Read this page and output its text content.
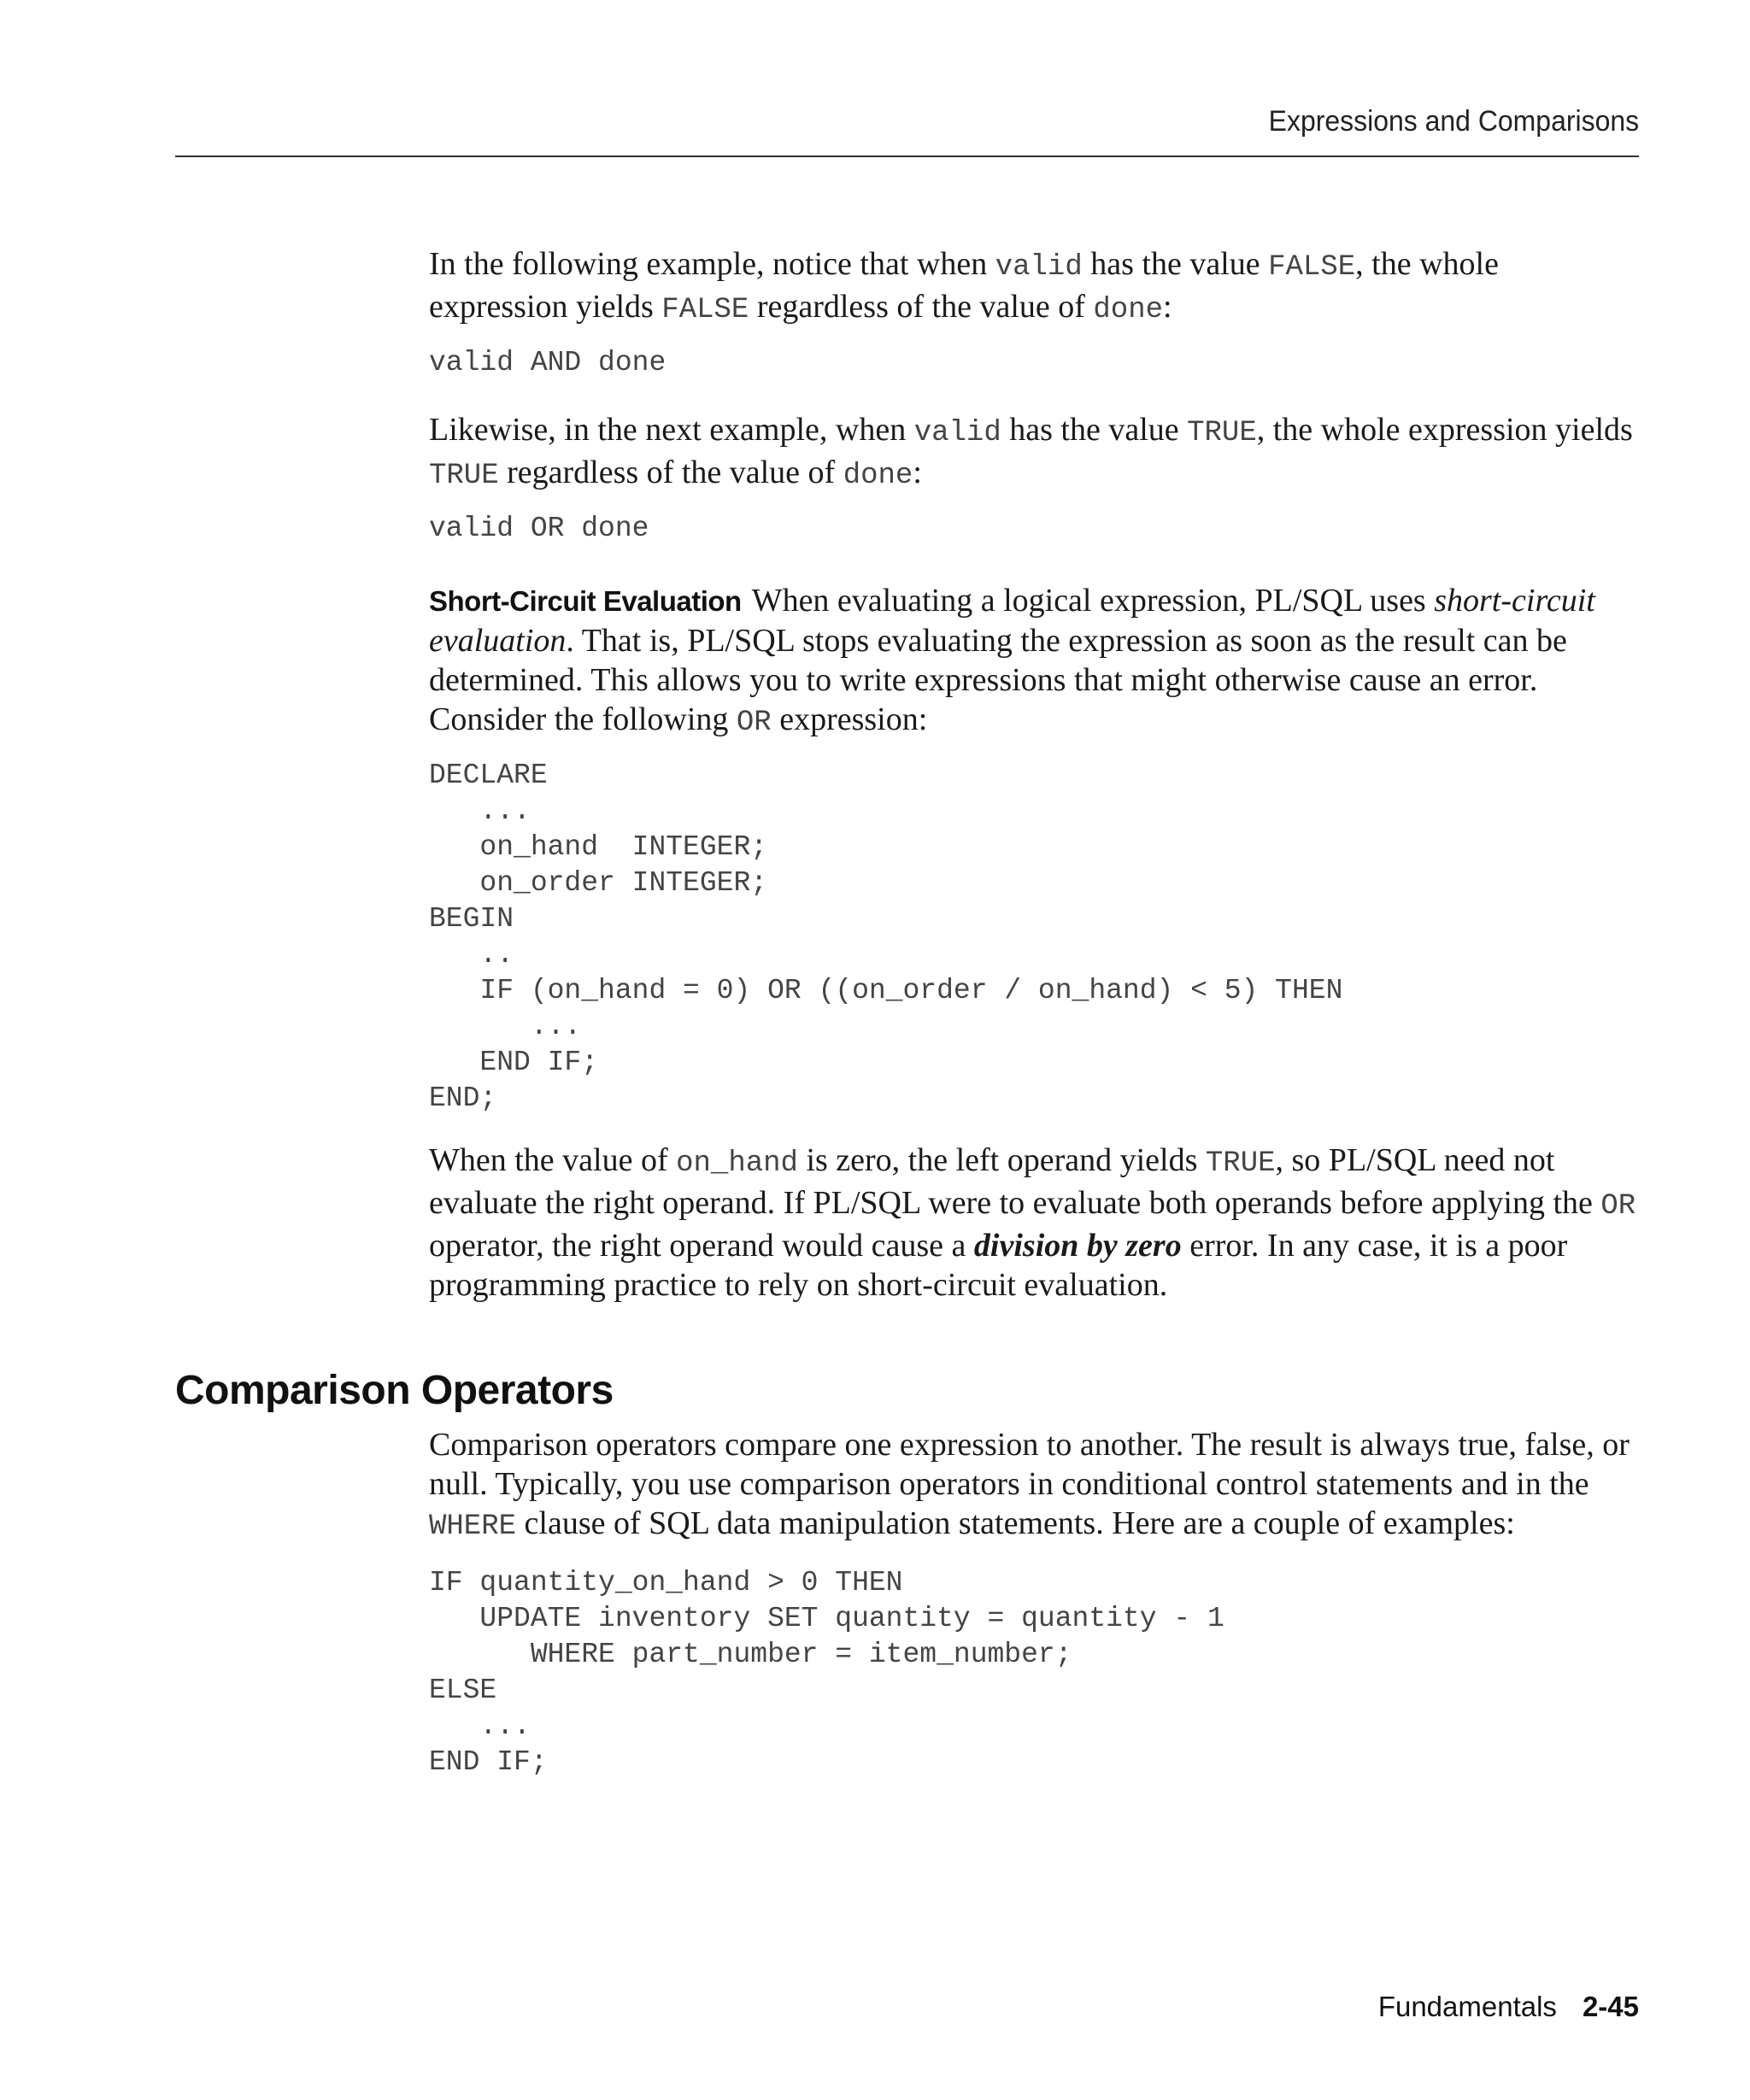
Expressions and Comparisons

In the following example, notice that when valid has the value FALSE, the whole expression yields FALSE regardless of the value of done:

valid AND done

Likewise, in the next example, when valid has the value TRUE, the whole expression yields TRUE regardless of the value of done:

valid OR done

Short-Circuit Evaluation When evaluating a logical expression, PL/SQL uses short-circuit evaluation. That is, PL/SQL stops evaluating the expression as soon as the result can be determined. This allows you to write expressions that might otherwise cause an error. Consider the following OR expression:

DECLARE
...
on_hand  INTEGER;
on_order INTEGER;
BEGIN
..
IF (on_hand = 0) OR ((on_order / on_hand) < 5) THEN
...
END IF;
END;

When the value of on_hand is zero, the left operand yields TRUE, so PL/SQL need not evaluate the right operand. If PL/SQL were to evaluate both operands before applying the OR operator, the right operand would cause a division by zero error. In any case, it is a poor programming practice to rely on short-circuit evaluation.

Comparison Operators

Comparison operators compare one expression to another. The result is always true, false, or null. Typically, you use comparison operators in conditional control statements and in the WHERE clause of SQL data manipulation statements. Here are a couple of examples:

IF quantity_on_hand > 0 THEN
UPDATE inventory SET quantity = quantity - 1
WHERE part_number = item_number;
ELSE
...
END IF;
Fundamentals 2-45
